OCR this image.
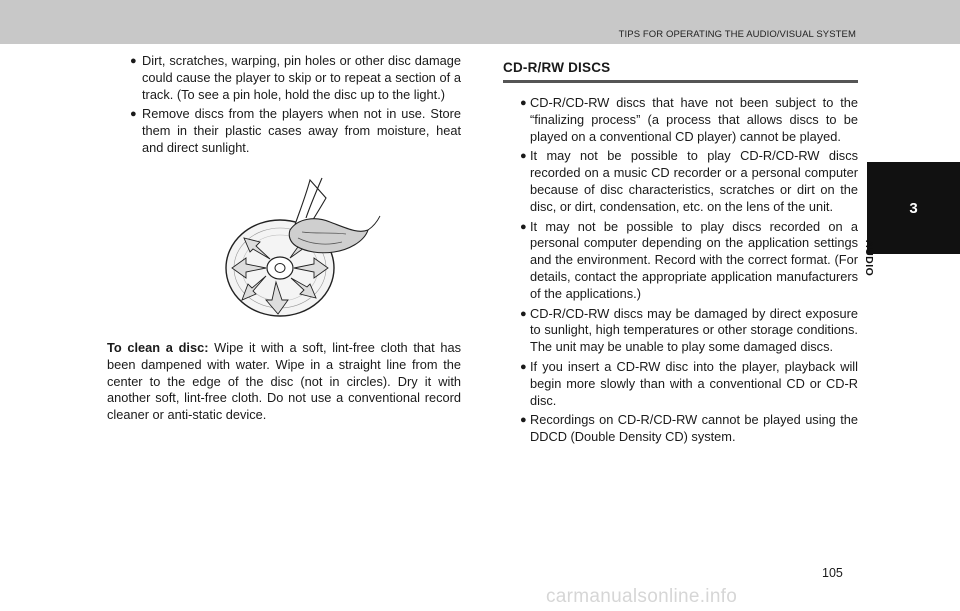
TIPS FOR OPERATING THE AUDIO/VISUAL SYSTEM
● Dirt, scratches, warping, pin holes or other disc damage could cause the player to skip or to repeat a section of a track. (To see a pin hole, hold the disc up to the light.)
● Remove discs from the players when not in use. Store them in their plastic cases away from moisture, heat and direct sunlight.

To clean a disc: Wipe it with a soft, lint-free cloth that has been dampened with water. Wipe in a straight line from the center to the edge of the disc (not in circles). Dry it with another soft, lint-free cloth. Do not use a conventional record cleaner or anti-static device.

CD-R/RW DISCS
● CD-R/CD-RW discs that have not been subject to the “finalizing process” (a process that allows discs to be played on a conventional CD player) cannot be played.
● It may not be possible to play CD-R/CD-RW discs recorded on a music CD recorder or a personal computer because of disc characteristics, scratches or dirt on the disc, or dirt, condensation, etc. on the lens of the unit.
● It may not be possible to play discs recorded on a personal computer depending on the application settings and the environment. Record with the correct format. (For details, contact the appropriate application manufacturers of the applications.)
● CD-R/CD-RW discs may be damaged by direct exposure to sunlight, high temperatures or other storage conditions. The unit may be unable to play some damaged discs.
● If you insert a CD-RW disc into the player, playback will begin more slowly than with a conventional CD or CD-R disc.
● Recordings on CD-R/CD-RW cannot be played using the DDCD (Double Density CD) system.
3
AUDIO
105
carmanualsonline.info
